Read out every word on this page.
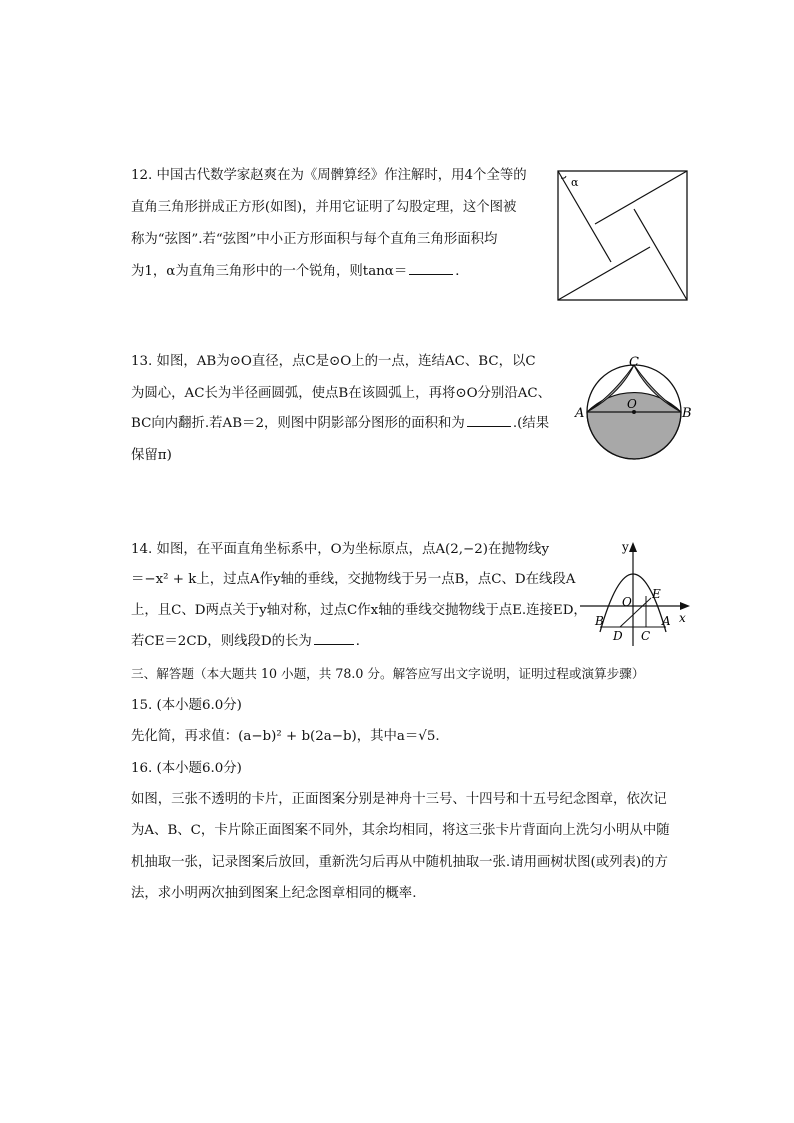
12. 中国古代数学家赵爽在为《周髀算经》作注解时，用4个全等的
直角三角形拼成正方形(如图)，并用它证明了勾股定理，这个图被
称为“弦图”.若“弦图”中小正方形面积与每个直角三角形面积均
为1，α为直角三角形中的一个锐角，则tanα＝	．
α
13. 如图，AB为⊙O直径，点C是⊙O上的一点，连结AC、BC，以C
为圆心，AC长为半径画圆弧，使点B在该圆弧上，再将⊙O分别沿AC、
BC向内翻折.若AB＝2，则图中阴影部分图形的面积和为	.(结果
保留π)
A	B
C
O
14. 如图，在平面直角坐标系中，O为坐标原点，点A(2,−2)在抛物线y
＝−x² + k上，过点A作y轴的垂线，交抛物线于另一点B，点C、D在线段A
上，且C、D两点关于y轴对称，过点C作x轴的垂线交抛物线于点E.连接ED，
若CE＝2CD，则线段D的长为	．
y
x
O
E
B
D C
A
三、解答题（本大题共 10 小题，共 78.0 分。解答应写出文字说明，证明过程或演算步骤）
15. (本小题6.0分)
先化简，再求值：(a−b)² + b(2a−b)，其中a＝√5.
16. (本小题6.0分)
如图，三张不透明的卡片，正面图案分别是神舟十三号、十四号和十五号纪念图章，依次记
为A、B、C，卡片除正面图案不同外，其余均相同，将这三张卡片背面向上洗匀小明从中随
机抽取一张，记录图案后放回，重新洗匀后再从中随机抽取一张.请用画树状图(或列表)的方
法，求小明两次抽到图案上纪念图章相同的概率.
